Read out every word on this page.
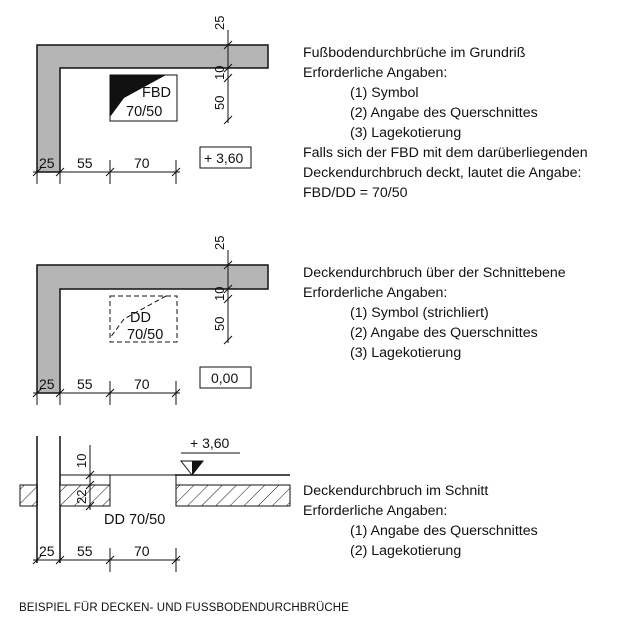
25
10
50
FBD
70/50
+ 3,60
25 55	70
25
10
50
DD
70/50
0,00
25 55	70
10
22
+ 3,60
DD 70/50
25 55	70
Fußbodendurchbrüche im Grundriß
Erforderliche Angaben:
(1) Symbol
(2) Angabe des Querschnittes
(3) Lagekotierung
Falls sich der FBD mit dem darüberliegenden
Deckendurchbruch deckt, lautet die Angabe:
FBD/DD = 70/50
Deckendurchbruch über der Schnittebene
Erforderliche Angaben:
(1) Symbol (strichliert)
(2) Angabe des Querschnittes
(3) Lagekotierung
Deckendurchbruch im Schnitt
Erforderliche Angaben:
(1) Angabe des Querschnittes
(2) Lagekotierung
BEISPIEL FÜR DECKEN- UND FUSSBODENDURCHBRÜCHE
